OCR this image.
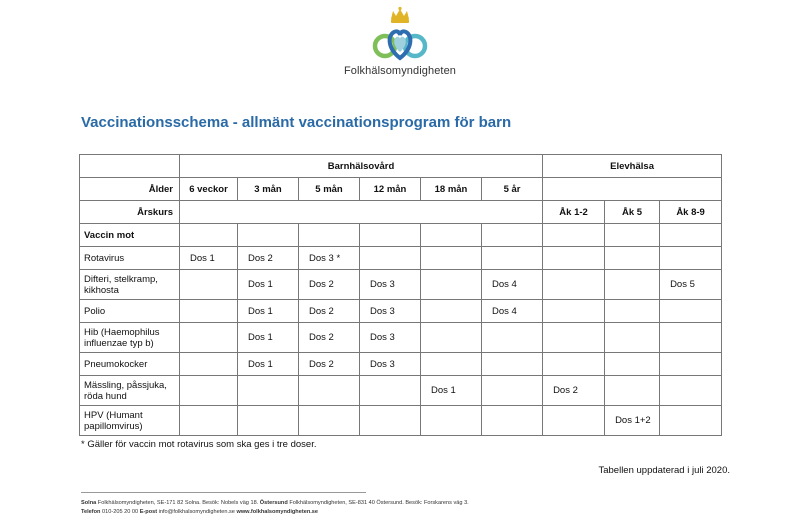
Folkhälsomyndigheten
Vaccinationsschema - allmänt vaccinationsprogram för barn
	Barnhälsovård						Elevhälsa		
Ålder	6 veckor	3 mån	5 mån	12 mån	18 mån	5 år			
Årskurs							Åk 1-2	Åk 5	Åk 8-9
Vaccin mot									
Rotavirus	Dos 1	Dos 2	Dos 3 *						
Difteri, stelkramp, kikhosta		Dos 1	Dos 2	Dos 3		Dos 4			Dos 5
Polio		Dos 1	Dos 2	Dos 3		Dos 4			
Hib (Haemophilus influenzae typ b)		Dos 1	Dos 2	Dos 3					
Pneumokocker		Dos 1	Dos 2	Dos 3					
Mässling, påssjuka, röda hund					Dos 1		Dos 2		
HPV (Humant papillomvirus)								Dos 1+2	
* Gäller för vaccin mot rotavirus som ska ges i tre doser.
Tabellen uppdaterad i juli 2020.
Solna Folkhälsomyndigheten, SE-171 82 Solna. Besök: Nobels väg 18. Östersund Folkhälsomyndigheten, SE-831 40 Östersund. Besök: Forskarens väg 3.
Telefon 010-205 20 00 E-post info@folkhalsomyndigheten.se www.folkhalsomyndigheten.se
